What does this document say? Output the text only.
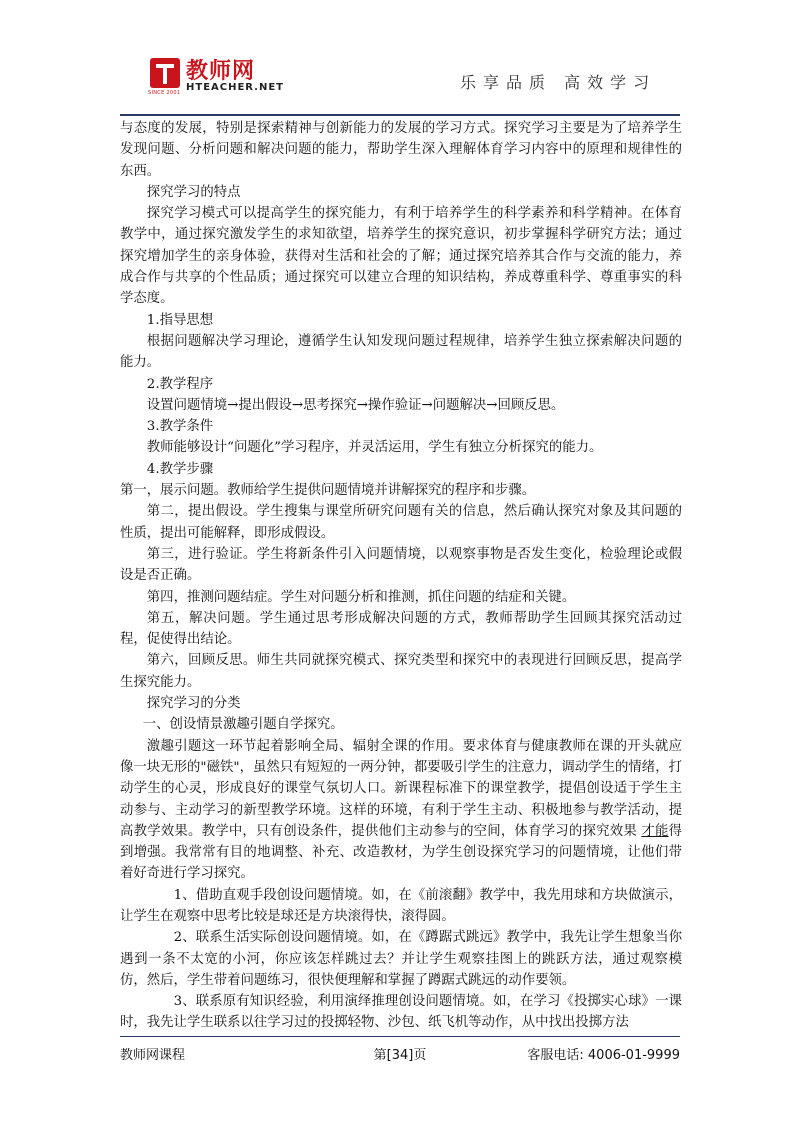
SINCE 2001
教师网
HTEACHER.NET	乐享品质 高效学习

与态度的发展，特别是探索精神与创新能力的发展的学习方式。探究学习主要是为了培养学生发现问题、分析问题和解决问题的能力，帮助学生深入理解体育学习内容中的原理和规律性的东西。

探究学习的特点

探究学习模式可以提高学生的探究能力，有利于培养学生的科学素养和科学精神。在体育教学中，通过探究激发学生的求知欲望，培养学生的探究意识，初步掌握科学研究方法；通过探究增加学生的亲身体验，获得对生活和社会的了解；通过探究培养其合作与交流的能力，养成合作与共享的个性品质；通过探究可以建立合理的知识结构，养成尊重科学、尊重事实的科学态度。

1.指导思想

根据问题解决学习理论，遵循学生认知发现问题过程规律，培养学生独立探索解决问题的能力。

2.教学程序

设置问题情境→提出假设→思考探究→操作验证→问题解决→回顾反思。

3.教学条件

教师能够设计“问题化”学习程序，并灵活运用，学生有独立分析探究的能力。

4.教学步骤

第一，展示问题。教师给学生提供问题情境并讲解探究的程序和步骤。

第二，提出假设。学生搜集与课堂所研究问题有关的信息，然后确认探究对象及其问题的性质，提出可能解释，即形成假设。

第三，进行验证。学生将新条件引入问题情境，以观察事物是否发生变化，检验理论或假设是否正确。

第四，推测问题结症。学生对问题分析和推测，抓住问题的结症和关键。

第五，解决问题。学生通过思考形成解决问题的方式，教师帮助学生回顾其探究活动过程，促使得出结论。

第六，回顾反思。师生共同就探究模式、探究类型和探究中的表现进行回顾反思，提高学生探究能力。

探究学习的分类

一、创设情景激趣引题自学探究。

激趣引题这一环节起着影响全局、辐射全课的作用。要求体育与健康教师在课的开头就应像一块无形的"磁铁"，虽然只有短短的一两分钟，都要吸引学生的注意力，调动学生的情绪，打动学生的心灵，形成良好的课堂气氛切人口。新课程标准下的课堂教学，提倡创设适于学生主动参与、主动学习的新型教学环境。这样的环境，有利于学生主动、积极地参与教学活动，提高教学效果。教学中，只有创设条件，提供他们主动参与的空间，体育学习的探究效果 才能得到增强。我常常有目的地调整、补充、改造教材，为学生创设探究学习的问题情境，让他们带着好奇进行学习探究。

1、借助直观手段创设问题情境。如，在《前滚翻》教学中，我先用球和方块做演示，让学生在观察中思考比较是球还是方块滚得快，滚得圆。

2、联系生活实际创设问题情境。如，在《蹲踞式跳远》教学中，我先让学生想象当你遇到一条不太宽的小河，你应该怎样跳过去？并让学生观察挂图上的跳跃方法，通过观察模仿，然后，学生带着问题练习，很快便理解和掌握了蹲踞式跳远的动作要领。

3、联系原有知识经验，利用演绎推理创设问题情境。如，在学习《投掷实心球》一课时，我先让学生联系以往学习过的投掷轻物、沙包、纸飞机等动作，从中找出投掷方法

教师网课程	第[34]页	客服电话: 4006-01-9999
